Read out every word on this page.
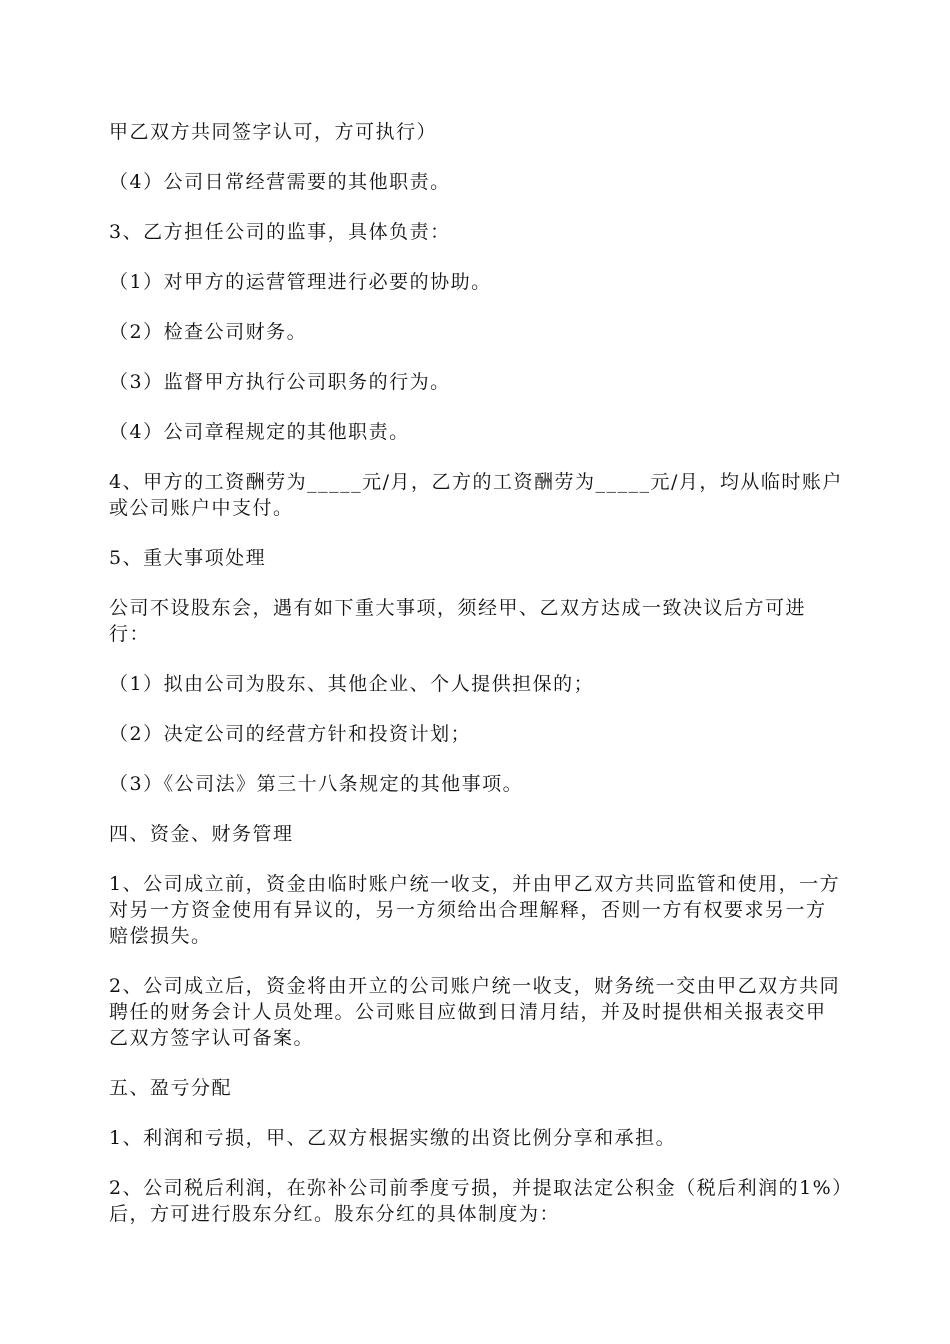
甲乙双方共同签字认可，方可执行）

（4）公司日常经营需要的其他职责。

3、乙方担任公司的监事，具体负责：

（1）对甲方的运营管理进行必要的协助。

（2）检查公司财务。

（3）监督甲方执行公司职务的行为。

（4）公司章程规定的其他职责。

4、甲方的工资酬劳为_____元/月，乙方的工资酬劳为_____元/月，均从临时账户或公司账户中支付。

5、重大事项处理

公司不设股东会，遇有如下重大事项，须经甲、乙双方达成一致决议后方可进行：

（1）拟由公司为股东、其他企业、个人提供担保的；

（2）决定公司的经营方针和投资计划；

（3）《公司法》第三十八条规定的其他事项。

四、资金、财务管理

1、公司成立前，资金由临时账户统一收支，并由甲乙双方共同监管和使用，一方对另一方资金使用有异议的，另一方须给出合理解释，否则一方有权要求另一方赔偿损失。

2、公司成立后，资金将由开立的公司账户统一收支，财务统一交由甲乙双方共同聘任的财务会计人员处理。公司账目应做到日清月结，并及时提供相关报表交甲乙双方签字认可备案。

五、盈亏分配

1、利润和亏损，甲、乙双方根据实缴的出资比例分享和承担。

2、公司税后利润，在弥补公司前季度亏损，并提取法定公积金（税后利润的1%）后，方可进行股东分红。股东分红的具体制度为：
